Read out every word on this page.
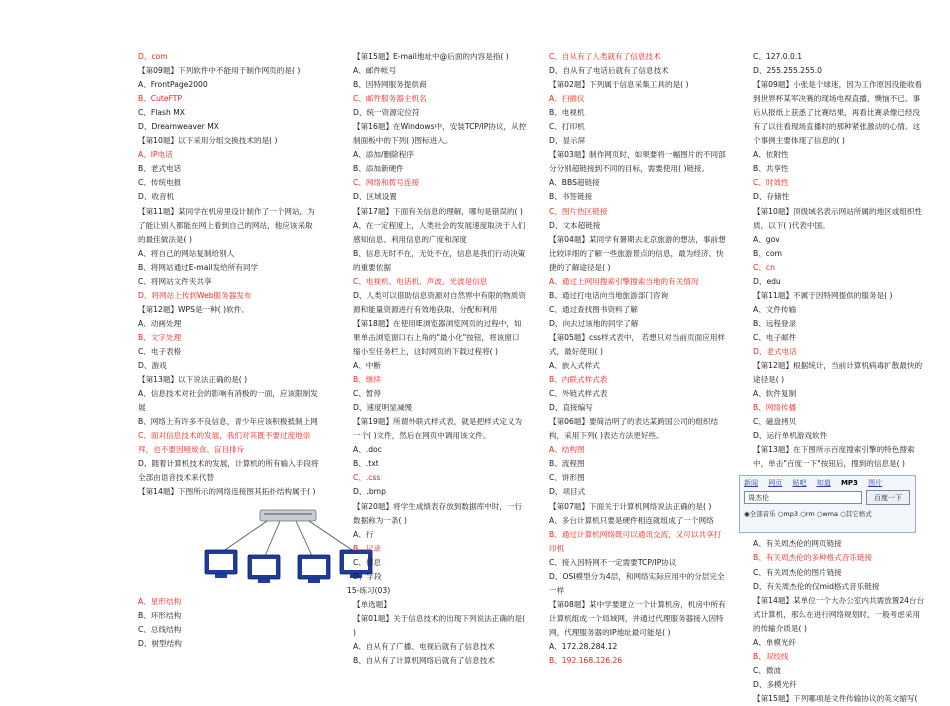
D、com
【第09题】下列软件中不能用于制作网页的是( )
A、FrontPage2000
B、CuteFTP
C、Flash MX
D、Dreamweaver MX
【第10题】以下采用分组交换技术的是( )
A、IP电话
B、老式电话
C、传统电报
D、收音机
【第11题】某同学在机房里设计制作了一个网站，为了能让别人都能在网上看到自己的网站，他应该采取的最佳做法是( )
A、将自己的网站复制给别人
B、将网站通过E-mail发给所有同学
C、将网站文件夹共享
D、将网站上传到Web服务器发布
【第12题】WPS是一种( )软件。
A、动画处理
B、文字处理
C、电子表格
D、游戏
【第13题】以下说法正确的是( )
A、信息技术对社会的影响有消极的一面，应该限制发展
B、网络上有许多不良信息，青少年应该积极抵制上网
C、面对信息技术的发展，我们对其既不要过度地崇拜，也不要因噎废食、盲目排斥
D、随着计算机技术的发展，计算机的所有输入手段将全部由语音技术来代替
【第14题】下图所示的网络连接图其拓扑结构属于( )
A、星形结构
B、环形结构
C、总线结构
D、树型结构
【第15题】E-mail地址中@后面的内容是指( )
A、邮件帐号
B、因特网服务提供商
C、邮件服务器主机名
D、统一资源定位符
【第16题】在Windows中，安装TCP/IP协议，从控制面板中的下列( )图标进入。
A、添加/删除程序
B、添加新硬件
C、网络和拨号连接
D、区域设置
【第17题】下面有关信息的理解，哪句是错误的( )
A、在一定程度上，人类社会的发展速度取决于人们感知信息、利用信息的广度和深度
B、信息无时不在，无处不在，信息是我们行动决策的重要依据
C、电视机、电话机、声波、光波是信息
D、人类可以借助信息资源对自然界中有限的物质资源和能量资源进行有效地获取、分配和利用
【第18题】在使用IE浏览器浏览网页的过程中，如果单击浏览窗口右上角的"最小化"按钮，将该窗口缩小至任务栏上，这时网页的下载过程将( )
A、中断
B、继续
C、暂停
D、速度明显减慢
【第19题】所谓外联式样式表，就是把样式定义为一个( )文件，然后在网页中调用该文件。
A、.doc
B、.txt
C、.css
D、.bmp
【第20题】将学生成绩表存放到数据库中时，一行数据称为一条( )
A、行
B、记录
C、信息
D、字段
15-练习(03)
【单选题】
【第01题】关于信息技术的出现下列说法正确的是( )
A、自从有了广播、电视后就有了信息技术
B、自从有了计算机网络后就有了信息技术
C、自从有了人类就有了信息技术
D、自从有了电话后就有了信息技术
【第02题】下列属于信息采集工具的是( )
A、扫描仪
B、电视机
C、打印机
D、显示屏
【第03题】制作网页时，如果要将一幅图片的不同部分分别超链接到不同的目标，需要使用( )链接。
A、BBS超链接
B、书签链接
C、图片热区链接
D、文本超链接
【第04题】某同学有暑期去北京旅游的想法，事前想比较详细的了解一些旅游景点的信息，最为经济、快捷的了解途径是( )
A、通过上网用搜索引擎搜索当地的有关情况
B、通过打电话向当地旅游部门咨询
C、通过查找图书资料了解
D、向去过该地的同学了解
【第05题】css样式表中， 若想只对当前页面应用样式，最好使用( )
A、嵌入式样式
B、内联式样式表
C、外链式样式表
D、直接编写
【第06题】要简洁明了的表达某跨国公司的组织结构，采用下列( )表达方法更好些。
A、结构图
B、流程图
C、饼形图
D、项目式
【第07题】下面关于计算机网络说法正确的是( )
A、多台计算机只要是硬件相连就组成了一个网络
B、通过计算机网络既可以通讯交流，又可以共享打印机
C、接入因特网不一定需要TCP/IP协议
D、OSI模型分为4层，和网络实际应用中的分层完全一样
【第08题】某中学要建立一个计算机房，机房中所有计算机组成一个局域网，并通过代理服务器接入因特网，代理服务器的IP地址最可能是( )
A、172.28.284.12
B、192.168.126.26
C、127.0.0.1
D、255.255.255.0
【第09题】小张是个球迷，因为工作原因没能收看到世界杯某军决赛的现场电视直播，懊恼不已。事后从报纸上获悉了比赛结果，再看比赛录像已经没有了以往看现场直播时的那种紧张激动的心情。这个事例主要体现了信息的( )
A、依附性
B、共享性
C、时效性
D、存储性
【第10题】顶级域名表示网站所属的地区或组织性质，以下( )代表中国。
A、gov
B、com
C、cn
D、edu
【第11题】不属于因特网提供的服务是( )
A、文件传输
B、远程登录
C、电子邮件
D、老式电话
【第12题】根据统计，当前计算机病毒扩散最快的途径是( )
A、软件复制
B、网络传播
C、磁盘拷贝
D、运行单机游戏软件
【第13题】在下图所示百度搜索引擎的特色搜索中，单击"百度一下"按钮后，搜到的信息是( )
新闻 网页 贴吧 知道 MP3 图片
周杰伦	百度一下
◉全部音乐 ○mp3 ○rm ○wma ○其它格式
A、有关周杰伦的网页链接
B、有关周杰伦的多种格式音乐链接
C、有关周杰伦的图片链接
D、有关周杰伦的仅mid格式音乐链接
【第14题】某单位一个大办公室内共需放置24台台式计算机，那么在进行网络规划时，一般考虑采用的传输介质是( )
A、单模光纤
B、双绞线
C、微波
D、多模光纤
【第15题】下列哪项是文件传输协议的英文缩写(
